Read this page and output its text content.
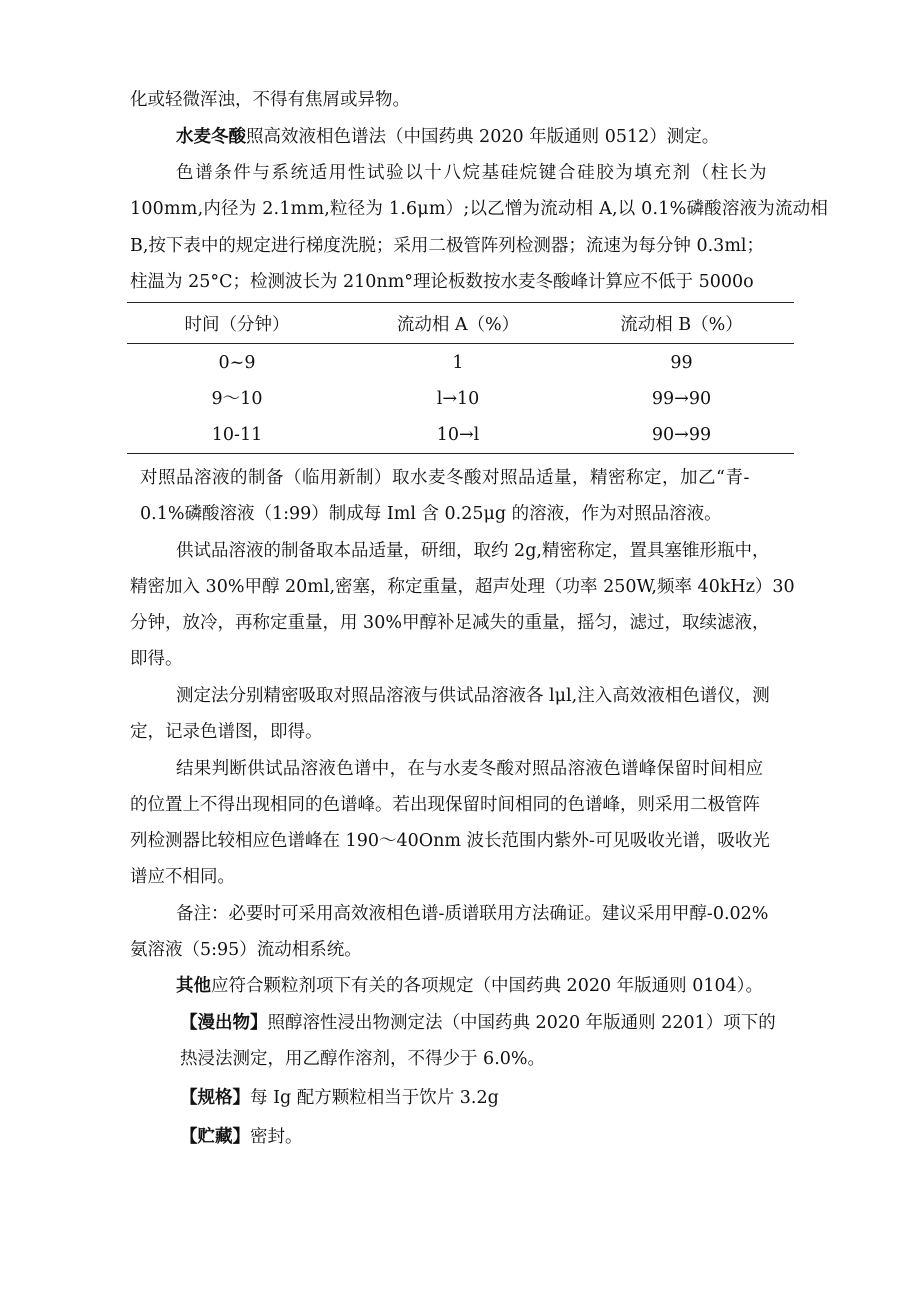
化或轻微浑浊，不得有焦屑或异物。
水麦冬酸照高效液相色谱法（中国药典 2020 年版通则 0512）测定。
色谱条件与系统适用性试验以十八烷基硅烷键合硅胶为填充剂（柱长为
100mm,内径为 2.1mm,粒径为 1.6μm）;以乙憎为流动相 A,以 0.1%磷酸溶液为流动相
B,按下表中的规定进行梯度洗脱；采用二极管阵列检测器；流速为每分钟 0.3ml；
柱温为 25°C；检测波长为 210nm°理论板数按水麦冬酸峰计算应不低于 5000o
时间（分钟）	流动相 A（%）	流动相 B（%）
0~9	1	99
9～10	l→10	99→90
10-11	10→l	90→99
对照品溶液的制备（临用新制）取水麦冬酸对照品适量，精密称定，加乙“青-
0.1%磷酸溶液（1:99）制成每 Iml 含 0.25μg 的溶液，作为对照品溶液。
供试品溶液的制备取本品适量，研细，取约 2g,精密称定，置具塞锥形瓶中，
精密加入 30%甲醇 20ml,密塞，称定重量，超声处理（功率 250W,频率 40kHz）30
分钟，放冷，再称定重量，用 30%甲醇补足减失的重量，摇匀，滤过，取续滤液，
即得。
测定法分别精密吸取对照品溶液与供试品溶液各 lμl,注入高效液相色谱仪，测
定，记录色谱图，即得。
结果判断供试品溶液色谱中，在与水麦冬酸对照品溶液色谱峰保留时间相应
的位置上不得出现相同的色谱峰。若出现保留时间相同的色谱峰，则采用二极管阵
列检测器比较相应色谱峰在 190～40Onm 波长范围内紫外-可见吸收光谱，吸收光
谱应不相同。
备注：必要时可采用高效液相色谱-质谱联用方法确证。建议采用甲醇-0.02%
氨溶液（5:95）流动相系统。
其他应符合颗粒剂项下有关的各项规定（中国药典 2020 年版通则 0104）。
【漫出物】照醇溶性浸出物测定法（中国药典 2020 年版通则 2201）项下的
热浸法测定，用乙醇作溶剂，不得少于 6.0%。
【规格】每 Ig 配方颗粒相当于饮片 3.2g
【贮藏】密封。
